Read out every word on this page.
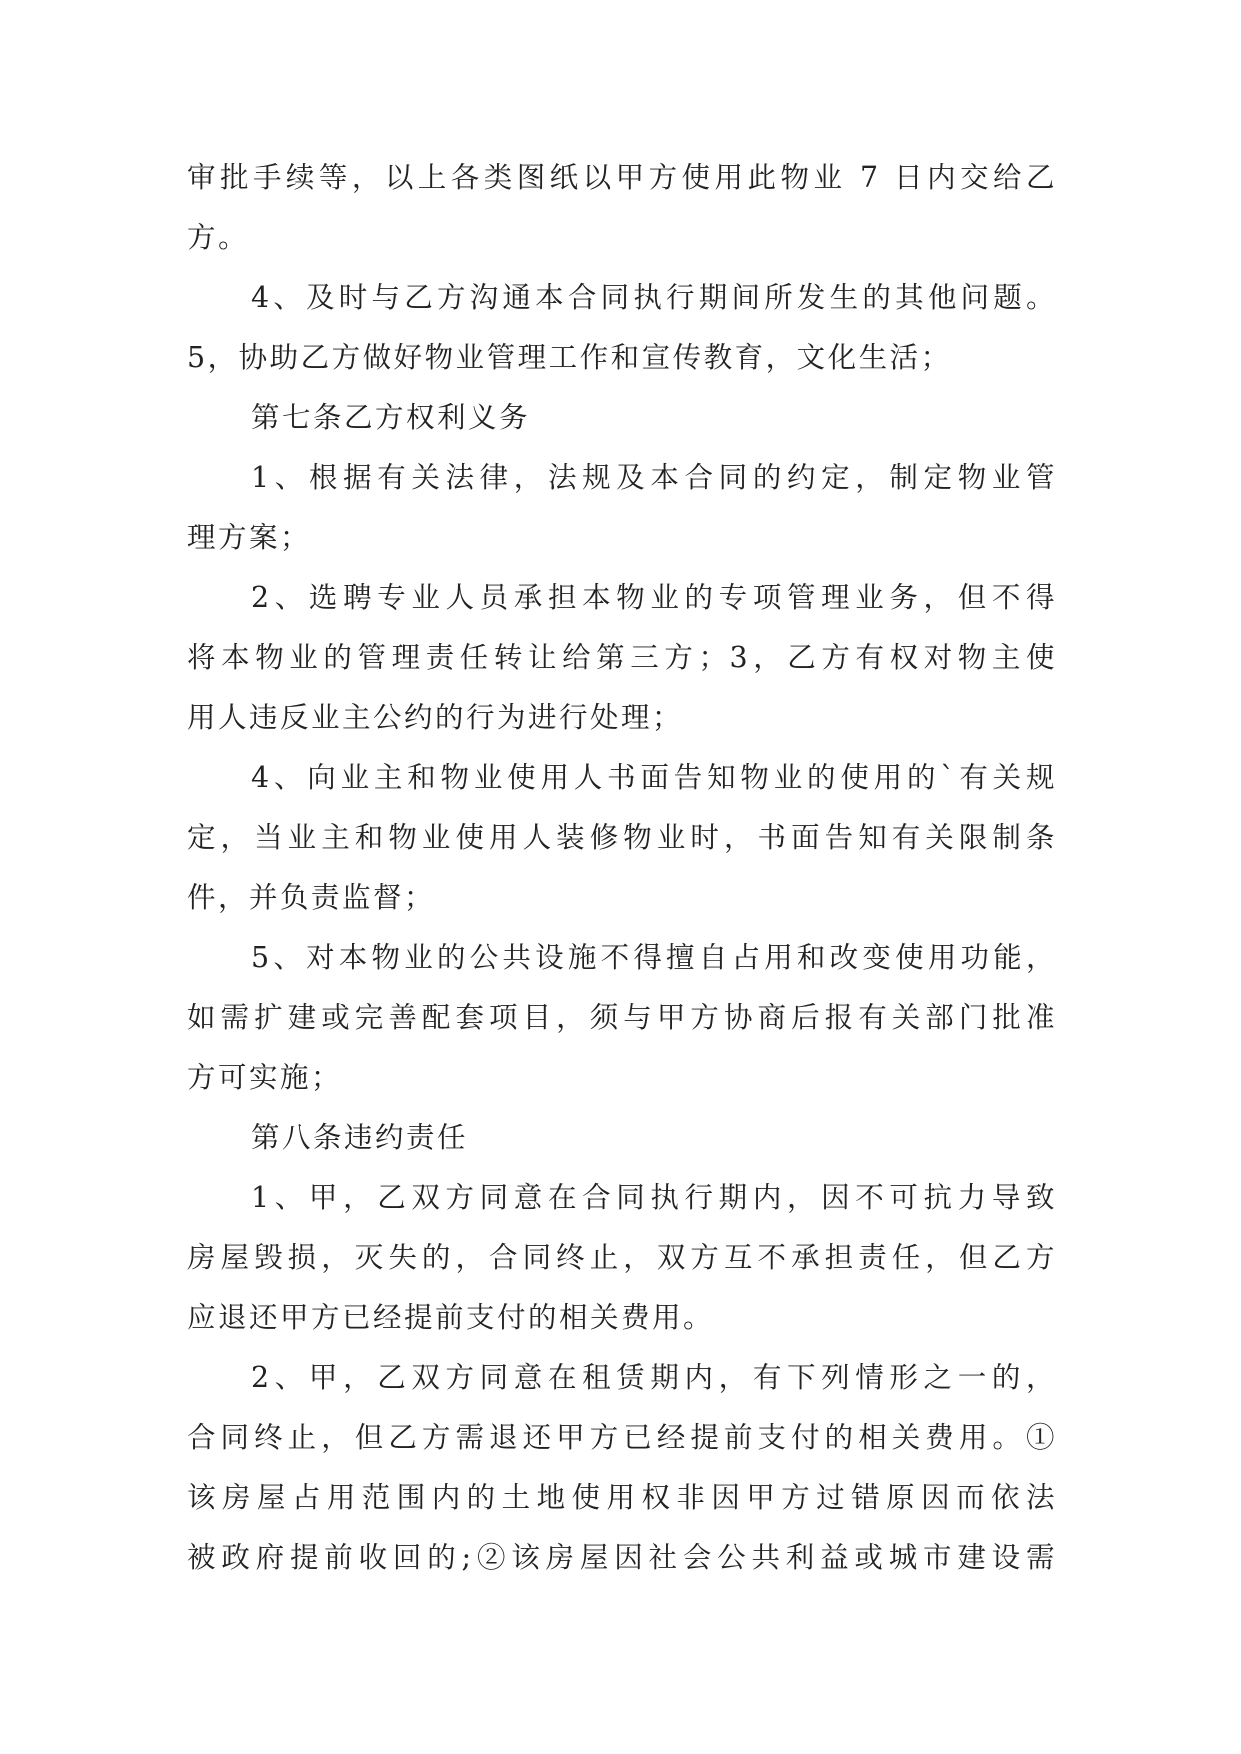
审批手续等，以上各类图纸以甲方使用此物业 7 日内交给乙
方。
4、及时与乙方沟通本合同执行期间所发生的其他问题。
5，协助乙方做好物业管理工作和宣传教育，文化生活；
第七条乙方权利义务
1、根据有关法律，法规及本合同的约定，制定物业管
理方案；
2、选聘专业人员承担本物业的专项管理业务，但不得
将本物业的管理责任转让给第三方；3，乙方有权对物主使
用人违反业主公约的行为进行处理；
4、向业主和物业使用人书面告知物业的使用的`有关规
定，当业主和物业使用人装修物业时，书面告知有关限制条
件，并负责监督；
5、对本物业的公共设施不得擅自占用和改变使用功能，
如需扩建或完善配套项目，须与甲方协商后报有关部门批准
方可实施；
第八条违约责任
1、甲，乙双方同意在合同执行期内，因不可抗力导致
房屋毁损，灭失的，合同终止，双方互不承担责任，但乙方
应退还甲方已经提前支付的相关费用。
2、甲，乙双方同意在租赁期内，有下列情形之一的，
合同终止，但乙方需退还甲方已经提前支付的相关费用。①
该房屋占用范围内的土地使用权非因甲方过错原因而依法
被政府提前收回的;②该房屋因社会公共利益或城市建设需
